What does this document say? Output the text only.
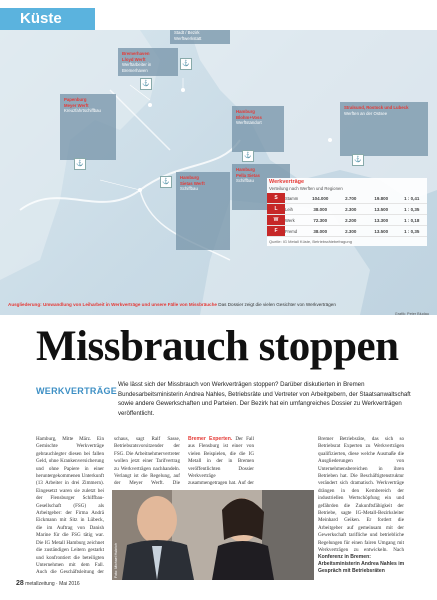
Küste
Stadt / Bezirk Werftwerkstatt
Bremerhaven
Lloyd Werft
Werftarbeiter in Bremerhaven
Papenburg
Meyer Werft
Kreuzfahrtschiffbau	Hamburg
Blohm+Voss
Werftstandort
Stralsund, Rostock und Lubeck
Werften an der Ostsee
Hamburg
Sietas Werft
Schiffbau
Hamburg
Pella Sietas
Schiffbau
⚓
⚓
⚓
⚓
⚓
⚓
Werkverträge
Verteilung nach Werften und Regionen
S	Stamm	104.000	2.700	19.800	1 : 0,41
L	Leih	38.000	2.300	13.500	1 : 0,35
W	Werk	72.300	2.200	13.300	1 : 0,18
F	Fremd	38.000	2.300	13.500	1 : 0,35
Quelle: IG Metall Küste, Betriebsrätebefragung
Ausgliederung: Umwandlung von Leiharbeit in Werkverträge und unsere Fälle von Missbräuche Das Dossier zeigt die vielen Gesichter von Werkverträgen
Grafik: Peter Bludau
Missbrauch stoppen
WERKVERTRÄGE
Wie lässt sich der Missbrauch von Werkverträgen stoppen? Darüber diskutierten in Bremen Bundesarbeitsministerin Andrea Nahles, Betriebsräte und Vertreter von Arbeitgebern, der Staatsanwaltschaft sowie andere Gewerkschaften und Parteien. Der Bezirk hat ein umfangreiches Dossier zu Werkverträgen veröffentlicht.
Hamburg, Mitte März. Ein Gemischte Werkverträge gebrauchlegter diesen bei fallen Geld, ohne Krankenversicherung und ohne Papiere in einer heruntergekommenen Unterkunft (13 Arbeiter in drei Zimmern). Eingesetzt waren sie zuletzt bei der Flensburger Schiffbau-Gesellschaft (FSG) als Arbeitgeber: der Firma Andrä Eickmann mit Sitz in Lübeck, die im Auftrag von Danish Marine für die FSG tätig war. Die IG Metall Hamburg zeichnet die zuständigen Leitern gestarkt und konfrontiert die beteiligten Unternehmen mit dem Fall. Auch die Geschäftsleitung der
schaus, sagt Ralf Sasse, Betriebsratsvorsitzender der FSG. Die Arbeitnehmervertreter wollen jetzt einer Tarifvertrag zu Werkverträgen nachhandeln. Verlangt ist die Regelung, auf der Meyer Werft. Die
Bremer Experten. Der Fall aus Flensburg ist einer von vielen Beispielen, die die IG Metall in der in Bremen veröffentlichten Dossier Werkverträge zusammengetragen hat. Auf der
Bremer Betriebsräte, das sich so Betriebsrat Experten zu Werkverträgen qualifizierten, diese welche Ausmaße die Ausgliederungen von Unternehmensbereichen in ihren Betrieben hat. Die Beschäftigtenstruktur verändert sich dramatisch. Werkverträge drängen in den Kernbereich der industriellen Wertschöpfung ein und gefährden die Zukunftsfähigkeit der Betriebe, sagte IG-Metall-Bezirksleiter Meinhard Geiken. Er fordert die Arbeitgeber auf gemeinsam mit der Gewerkschaft tarifliche und betriebliche Regelungen für einen fairen Umgang mit Werkverträgen zu entwickeln. Nach
Foto: Michael Hubrich	Konferenz in Bremen: Arbeitsministerin Andrea Nahles im Gespräch mit Betriebsräten
28 metallzeitung · Mai 2016
